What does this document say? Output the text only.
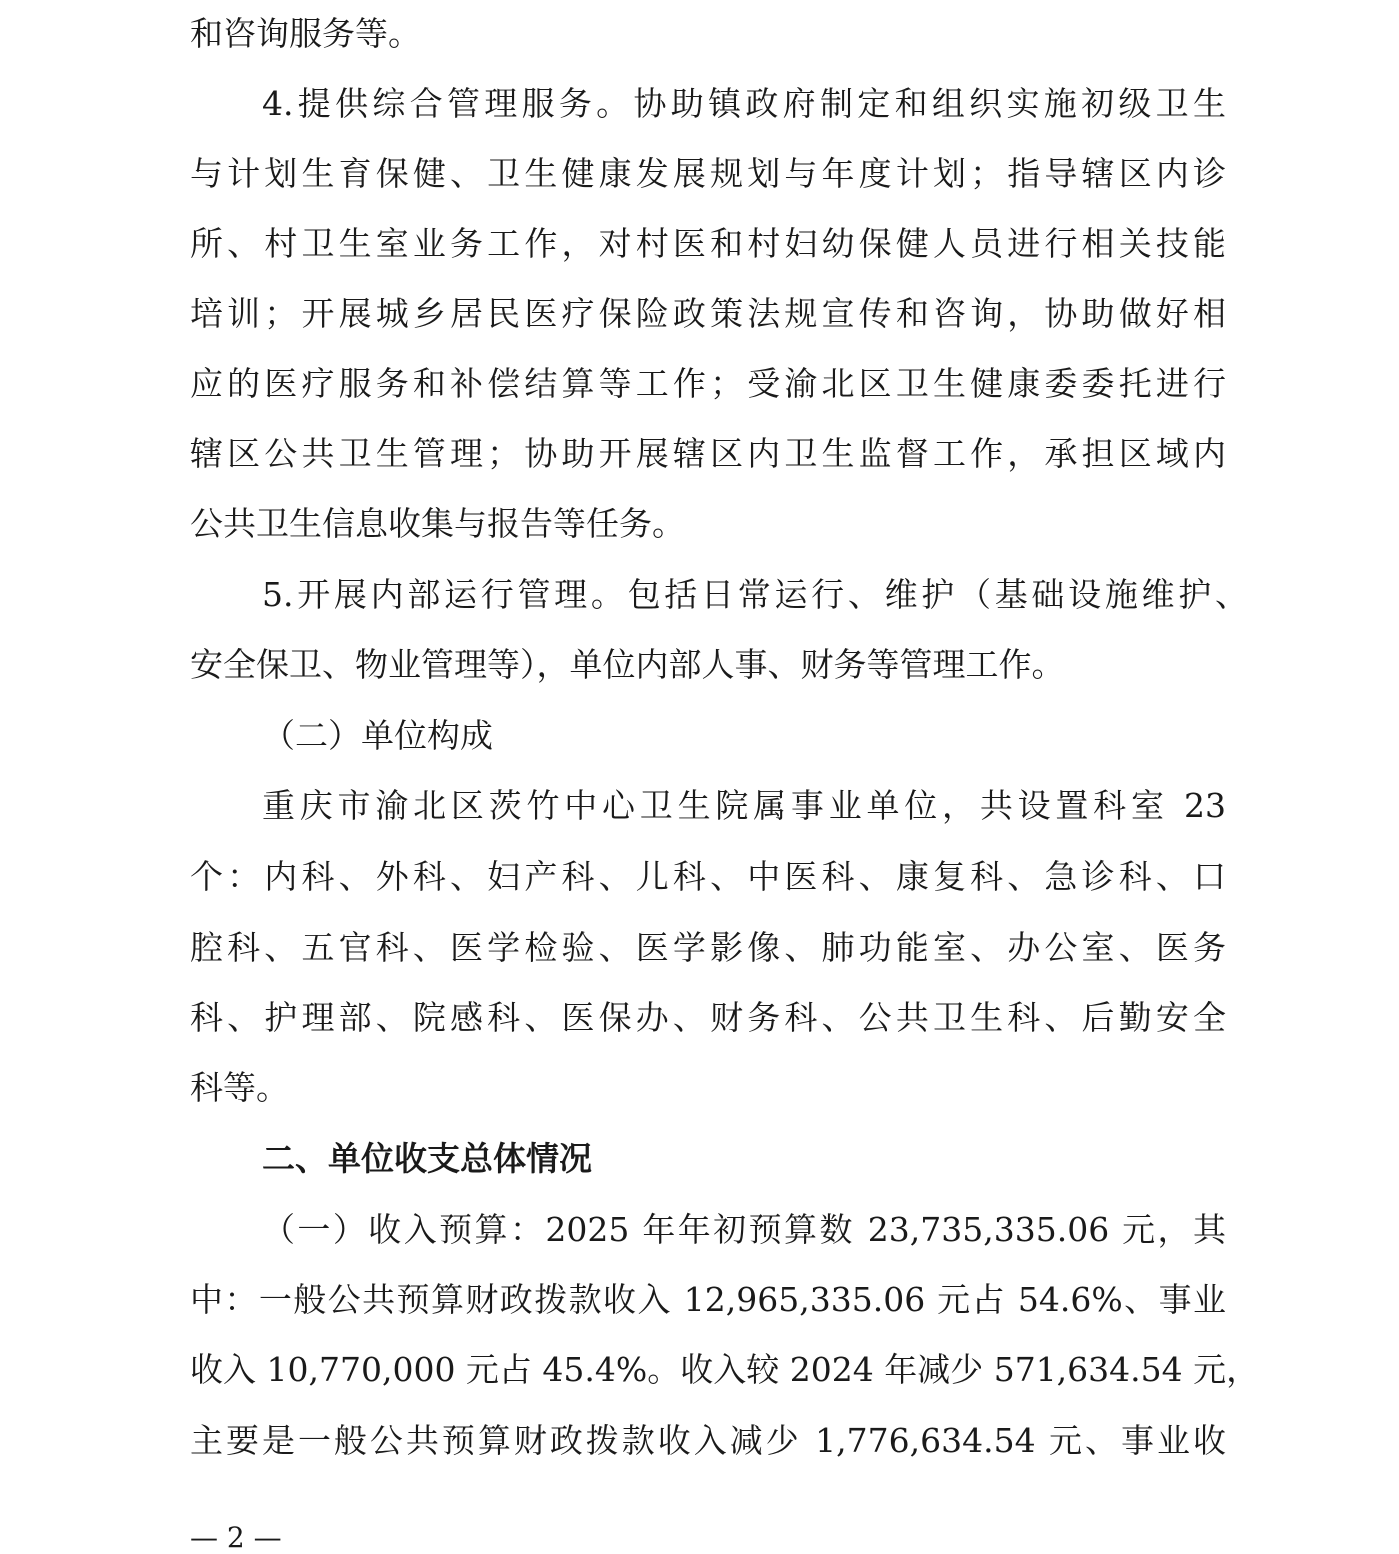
和咨询服务等。
4.提供综合管理服务。协助镇政府制定和组织实施初级卫生
与计划生育保健、卫生健康发展规划与年度计划；指导辖区内诊
所、村卫生室业务工作，对村医和村妇幼保健人员进行相关技能
培训；开展城乡居民医疗保险政策法规宣传和咨询，协助做好相
应的医疗服务和补偿结算等工作；受渝北区卫生健康委委托进行
辖区公共卫生管理；协助开展辖区内卫生监督工作，承担区域内
公共卫生信息收集与报告等任务。
5.开展内部运行管理。包括日常运行、维护（基础设施维护、
安全保卫、物业管理等），单位内部人事、财务等管理工作。
（二）单位构成
重庆市渝北区茨竹中心卫生院属事业单位，共设置科室 23
个：内科、外科、妇产科、儿科、中医科、康复科、急诊科、口
腔科、五官科、医学检验、医学影像、肺功能室、办公室、医务
科、护理部、院感科、医保办、财务科、公共卫生科、后勤安全
科等。
二、单位收支总体情况
（一）收入预算：2025 年年初预算数 23,735,335.06 元，其
中：一般公共预算财政拨款收入 12,965,335.06 元占 54.6%、事业
收入 10,770,000 元占 45.4%。收入较 2024 年减少 571,634.54 元，
主要是一般公共预算财政拨款收入减少 1,776,634.54 元、事业收
— 2 —
